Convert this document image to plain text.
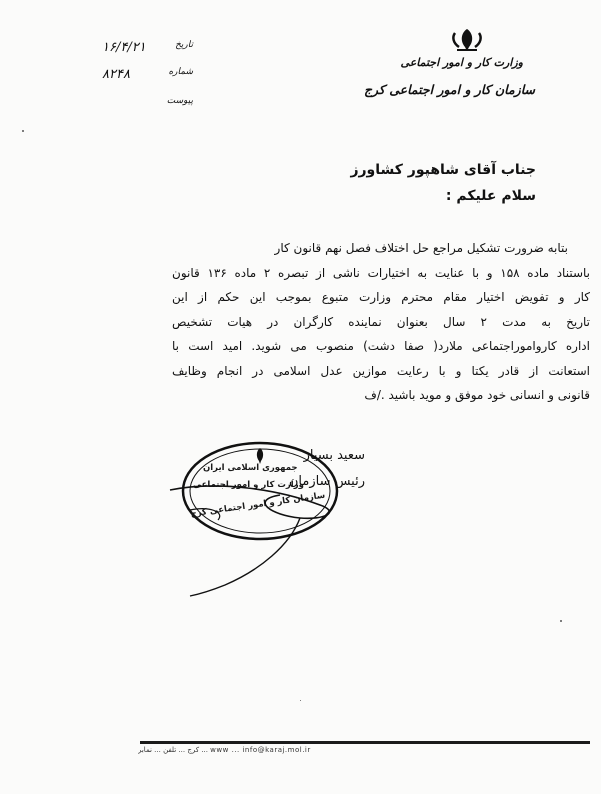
وزارت کار و امور اجتماعی
سازمان کار و امور اجتماعی کرج
تاریخ
۱۶/۴/۲۱
شماره
۸۲۴۸
پیوست
جناب آقای شاهپور کشاورز
سلام علیکم :
بتابه ضرورت تشکیل مراجع حل اختلاف فصل نهم قانون کار
باستناد ماده ۱۵۸ و با عنایت به اختیارات ناشی از تبصره ۲ ماده ۱۳۶ قانون
کار و تفویض اختیار مقام محترم وزارت متبوع بموجب این حکم از این
تاریخ به مدت ۲ سال بعنوان نماینده کارگران در هیات تشخیص
اداره کارواموراجتماعی ملارد( صفا دشت) منصوب می شوید. امید است با
استعانت از قادر یکتا و با رعایت موازین عدل اسلامی در انجام وظایف
قانونی و انسانی خود موفق و موید باشید ./ف
سعید بسیار
رئیس سازمان
جمهوری اسلامی ایران
وزارت کار و امور اجتماعی
سازمان کار و امور اجتماعی کرج
کرج ... تلفن ... نمابر ... www ... info@karaj.mol.ir
